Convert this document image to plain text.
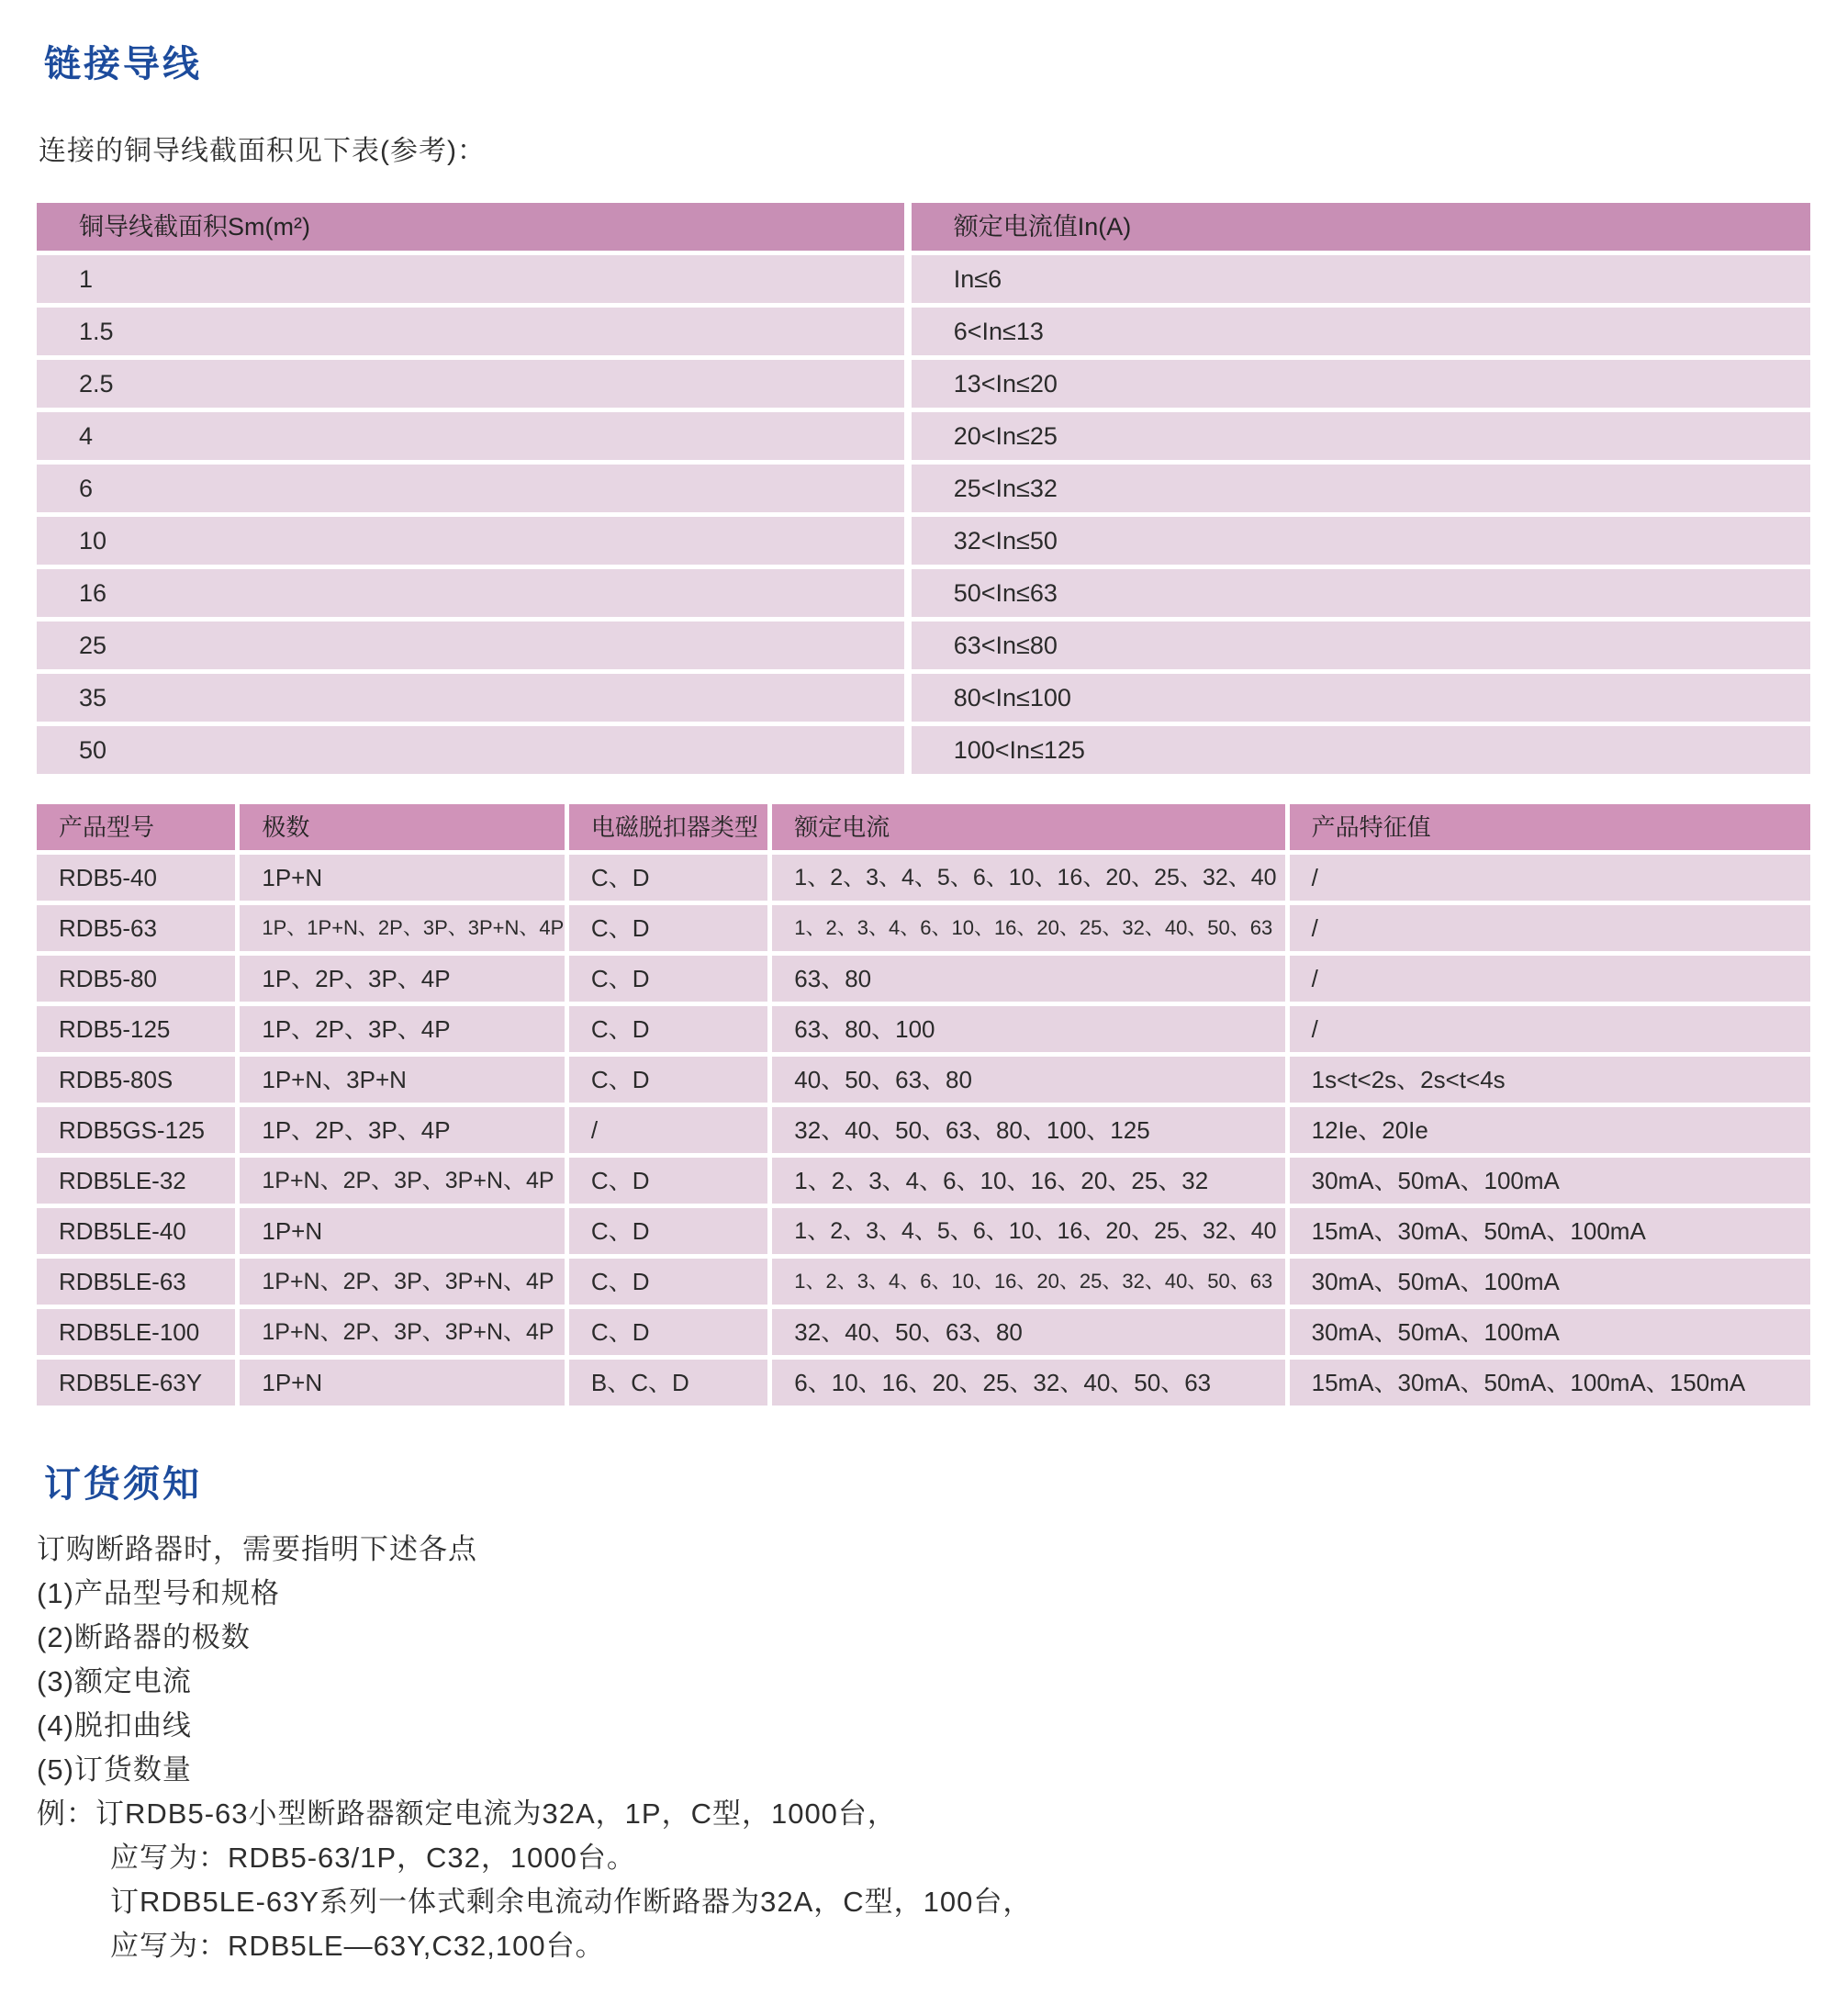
链接导线

连接的铜导线截面积见下表(参考)：

铜导线截面积Sm(m²)	额定电流值In(A)
1	In≤6
1.5	6<In≤13
2.5	13<In≤20
4	20<In≤25
6	25<In≤32
10	32<In≤50
16	50<In≤63
25	63<In≤80
35	80<In≤100
50	100<In≤125
产品型号	极数	电磁脱扣器类型	额定电流	产品特征值
RDB5-40	1P+N	C、D	1、2、3、4、5、6、10、16、20、25、32、40	/
RDB5-63	1P、1P+N、2P、3P、3P+N、4P	C、D	1、2、3、4、6、10、16、20、25、32、40、50、63	/
RDB5-80	1P、2P、3P、4P	C、D	63、80	/
RDB5-125	1P、2P、3P、4P	C、D	63、80、100	/
RDB5-80S	1P+N、3P+N	C、D	40、50、63、80	1s<t<2s、2s<t<4s
RDB5GS-125	1P、2P、3P、4P	/	32、40、50、63、80、100、125	12Ie、20Ie
RDB5LE-32	1P+N、2P、3P、3P+N、4P	C、D	1、2、3、4、6、10、16、20、25、32	30mA、50mA、100mA
RDB5LE-40	1P+N	C、D	1、2、3、4、5、6、10、16、20、25、32、40	15mA、30mA、50mA、100mA
RDB5LE-63	1P+N、2P、3P、3P+N、4P	C、D	1、2、3、4、6、10、16、20、25、32、40、50、63	30mA、50mA、100mA
RDB5LE-100	1P+N、2P、3P、3P+N、4P	C、D	32、40、50、63、80	30mA、50mA、100mA
RDB5LE-63Y	1P+N	B、C、D	6、10、16、20、25、32、40、50、63	15mA、30mA、50mA、100mA、150mA
订货须知

订购断路器时，需要指明下述各点

(1)产品型号和规格

(2)断路器的极数

(3)额定电流

(4)脱扣曲线

(5)订货数量

例：订RDB5-63小型断路器额定电流为32A，1P，C型，1000台，

应写为：RDB5-63/1P，C32，1000台。

订RDB5LE-63Y系列一体式剩余电流动作断路器为32A，C型，100台，

应写为：RDB5LE—63Y,C32,100台。
